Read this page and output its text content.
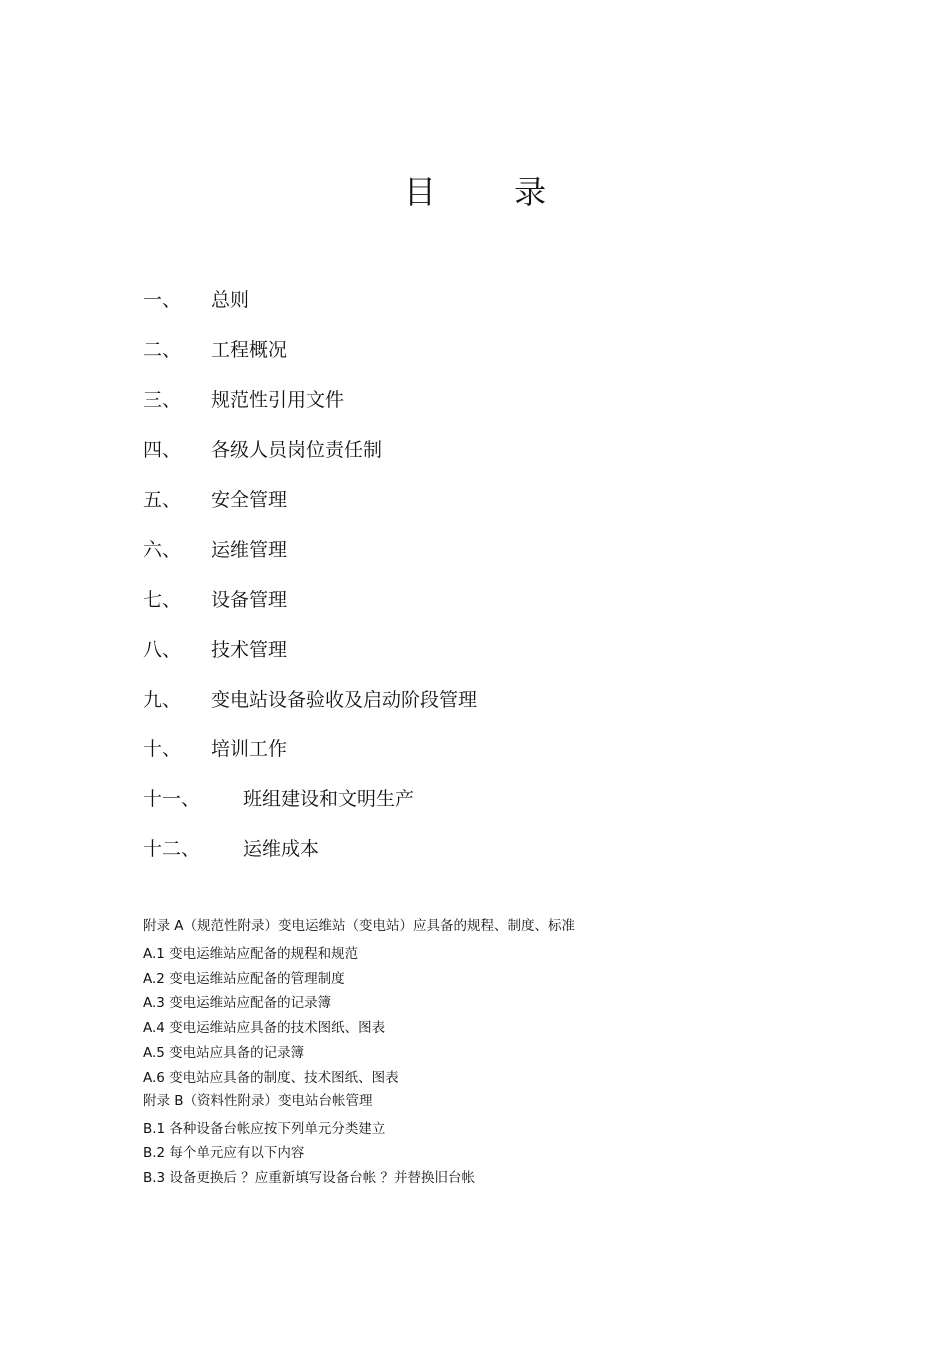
目 录
一、	总则
二、	工程概况
三、	规范性引用文件
四、	各级人员岗位责任制
五、	安全管理
六、	运维管理
七、	设备管理
八、	技术管理
九、	变电站设备验收及启动阶段管理
十、	培训工作
十一、	班组建设和文明生产
十二、	运维成本
附录 A（规范性附录）变电运维站（变电站）应具备的规程、制度、标准
A.1 变电运维站应配备的规程和规范
A.2 变电运维站应配备的管理制度
A.3 变电运维站应配备的记录簿
A.4 变电运维站应具备的技术图纸、图表
A.5 变电站应具备的记录簿
A.6 变电站应具备的制度、技术图纸、图表
附录 B（资料性附录）变电站台帐管理
B.1 各种设备台帐应按下列单元分类建立
B.2 每个单元应有以下内容
B.3 设备更换后 ？应重新填写设备台帐 ？并替换旧台帐
